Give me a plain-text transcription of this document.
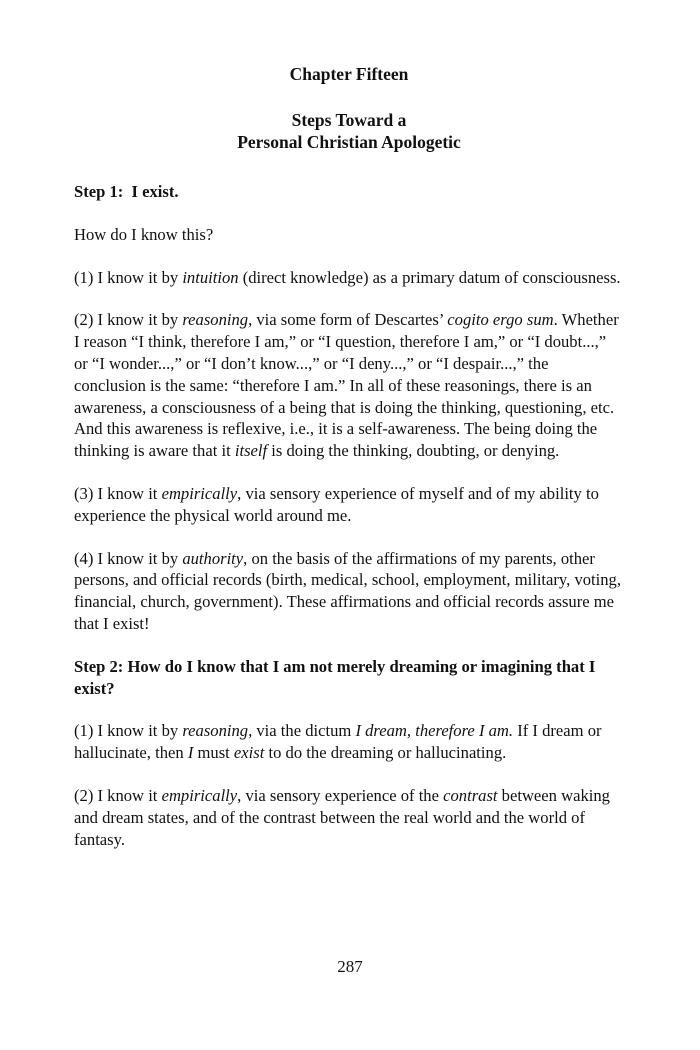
Chapter Fifteen
Steps Toward a
Personal Christian Apologetic
Step 1: I exist.

How do I know this?

(1) I know it by intuition (direct knowledge) as a primary datum of consciousness.

(2) I know it by reasoning, via some form of Descartes’ cogito ergo sum. Whether I reason “I think, therefore I am,” or “I question, therefore I am,” or “I doubt...,” or “I wonder...,” or “I don’t know...,” or “I deny...,” or “I despair...,” the conclusion is the same: “therefore I am.” In all of these reasonings, there is an awareness, a consciousness of a being that is doing the thinking, questioning, etc. And this awareness is reflexive, i.e., it is a self-awareness. The being doing the thinking is aware that it itself is doing the thinking, doubting, or denying.

(3) I know it empirically, via sensory experience of myself and of my ability to experience the physical world around me.

(4) I know it by authority, on the basis of the affirmations of my parents, other persons, and official records (birth, medical, school, employment, military, voting, financial, church, government). These affirmations and official records assure me that I exist!

Step 2: How do I know that I am not merely dreaming or imagining that I exist?

(1) I know it by reasoning, via the dictum I dream, therefore I am. If I dream or hallucinate, then I must exist to do the dreaming or hallucinating.

(2) I know it empirically, via sensory experience of the contrast between waking and dream states, and of the contrast between the real world and the world of fantasy.

287
